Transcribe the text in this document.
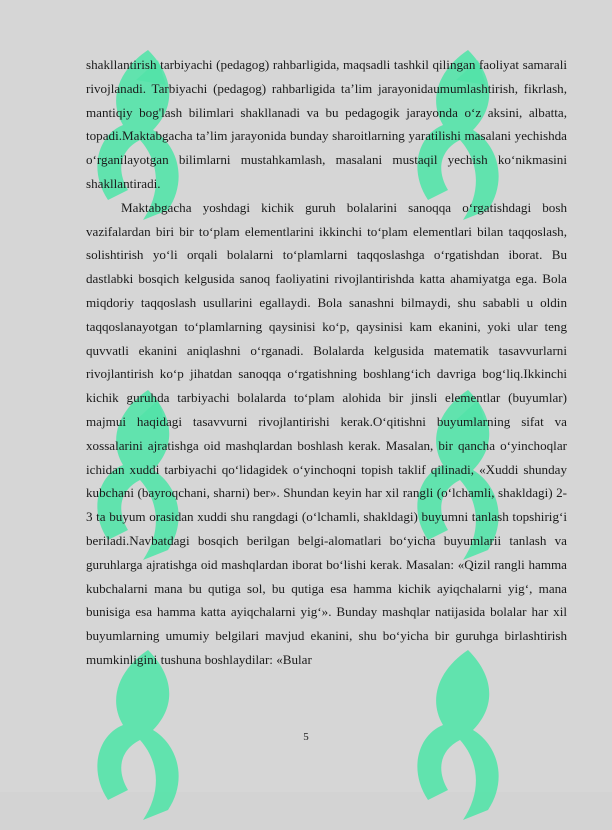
shakllantirish tarbiyachi (pedagog) rahbarligida, maqsadli tashkil qilingan faoliyat samarali rivojlanadi. Tarbiyachi (pedagog) rahbarligida ta’lim jarayonidaumumlashtirish, fikrlash, mantiqiy bog'lash bilimlari shakllanadi va bu pedagogik jarayonda o‘z aksini, albatta, topadi.Maktabgacha ta’lim jarayonida bunday sharoitlarning yaratilishi masalani yechishda o‘rganilayotgan bilimlarni mustahkamlash, masalani mustaqil yechish ko‘nikmasini shakllantiradi.

Maktabgacha yoshdagi kichik guruh bolalarini sanoqqa o‘rgatishdagi bosh vazifalardan biri bir to‘plam elementlarini ikkinchi to‘plam elementlari bilan taqqoslash, solishtirish yo‘li orqali bolalarni to‘plamlarni taqqoslashga o‘rgatishdan iborat. Bu dastlabki bosqich kelgusida sanoq faoliyatini rivojlantirishda katta ahamiyatga ega. Bola miqdoriy taqqoslash usullarini egallaydi. Bola sanashni bilmaydi, shu sababli u oldin taqqoslanayotgan to‘plamlarning qaysinisi ko‘p, qaysinisi kam ekanini, yoki ular teng quvvatli ekanini aniqlashni o‘rganadi. Bolalarda kelgusida matematik tasavvurlarni rivojlantirish ko‘p jihatdan sanoqqa o‘rgatishning boshlang‘ich davriga bog‘liq.Ikkinchi kichik guruhda tarbiyachi bolalarda to‘plam alohida bir jinsli elementlar (buyumlar) majmui haqidagi tasavvurni rivojlantirishi kerak.O‘qitishni buyumlarning sifat va xossalarini ajratishga oid mashqlardan boshlash kerak. Masalan, bir qancha o‘yinchoqlar ichidan xuddi tarbiyachi qo‘lidagidek o‘yinchoqni topish taklif qilinadi, «Xuddi shunday kubchani (bayroqchani, sharni) ber». Shundan keyin har xil rangli (o‘lchamli, shakldagi) 2-3 ta buyum orasidan xuddi shu rangdagi (o‘lchamli, shakldagi) buyumni tanlash topshirig‘i beriladi.Navbatdagi bosqich berilgan belgi-alomatlari bo‘yicha buyumlarii tanlash va guruhlarga ajratishga oid mashqlardan iborat bo‘lishi kerak. Masalan: «Qizil rangli hamma kubchalarni mana bu qutiga sol, bu qutiga esa hamma kichik ayiqchalarni yig‘, mana bunisiga esa hamma katta ayiqchalarni yig‘». Bunday mashqlar natijasida bolalar har xil buyumlarning umumiy belgilari mavjud ekanini, shu bo‘yicha bir guruhga birlashtirish mumkinligini tushuna boshlaydilar: «Bular

5
